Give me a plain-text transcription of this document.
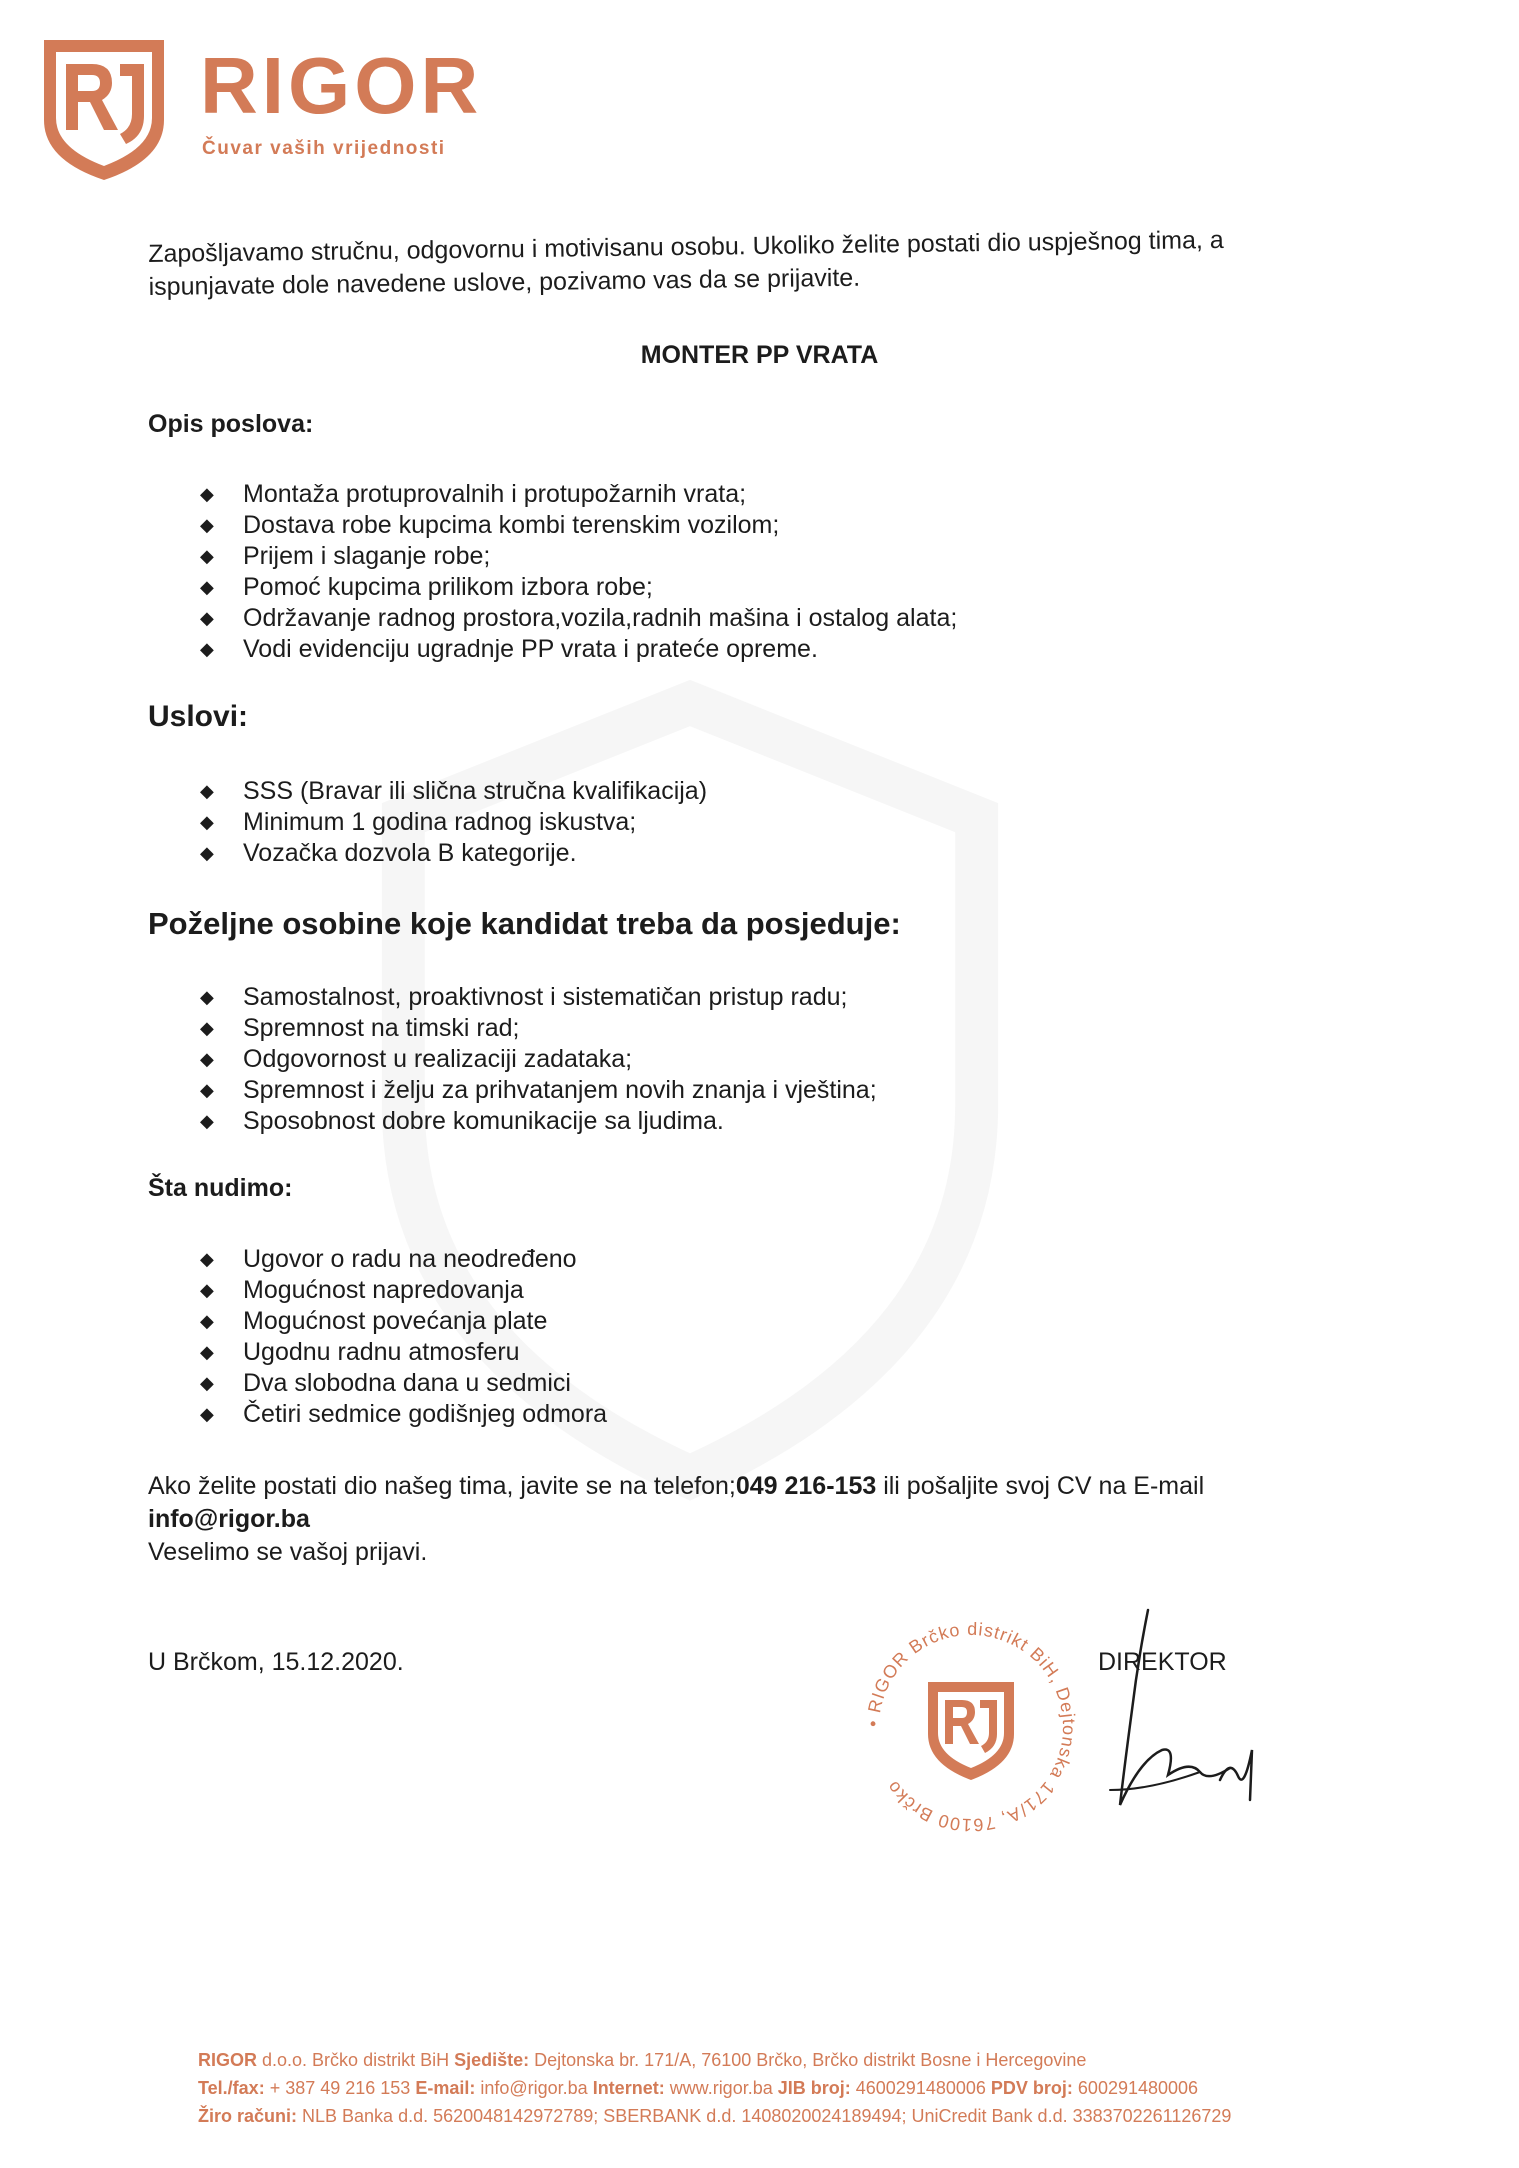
RIGOR
Čuvar vaših vrijednosti
Zapošljavamo stručnu, odgovornu i motivisanu osobu. Ukoliko želite postati dio uspješnog tima, a
ispunjavate dole navedene uslove, pozivamo vas da se prijavite.
MONTER PP VRATA
Opis poslova:
◆ Montaža protuprovalnih i protupožarnih vrata;
◆ Dostava robe kupcima kombi terenskim vozilom;
◆ Prijem i slaganje robe;
◆ Pomoć kupcima prilikom izbora robe;
◆ Održavanje radnog prostora,vozila,radnih mašina i ostalog alata;
◆ Vodi evidenciju ugradnje PP vrata i prateće opreme.
Uslovi:
◆ SSS (Bravar ili slična stručna kvalifikacija)
◆ Minimum 1 godina radnog iskustva;
◆ Vozačka dozvola B kategorije.
Poželjne osobine koje kandidat treba da posjeduje:
◆ Samostalnost, proaktivnost i sistematičan pristup radu;
◆ Spremnost na timski rad;
◆ Odgovornost u realizaciji zadataka;
◆ Spremnost i želju za prihvatanjem novih znanja i vještina;
◆ Sposobnost dobre komunikacije sa ljudima.
Šta nudimo:
◆ Ugovor o radu na neodređeno
◆ Mogućnost napredovanja
◆ Mogućnost povećanja plate
◆ Ugodnu radnu atmosferu
◆ Dva slobodna dana u sedmici
◆ Četiri sedmice godišnjeg odmora
Ako želite postati dio našeg tima, javite se na telefon;049 216-153 ili pošaljite svoj CV na E-mail
info@rigor.ba
Veselimo se vašoj prijavi.
U Brčkom, 15.12.2020.
• RIGOR Brčko distrikt BiH, Dejtonska 171/A, 76100 Brčko
DIREKTOR
RIGOR d.o.o. Brčko distrikt BiH Sjedište: Dejtonska br. 171/A, 76100 Brčko, Brčko distrikt Bosne i Hercegovine
Tel./fax: + 387 49 216 153 E-mail: info@rigor.ba Internet: www.rigor.ba JIB broj: 4600291480006 PDV broj: 600291480006
Žiro računi: NLB Banka d.d. 5620048142972789; SBERBANK d.d. 1408020024189494; UniCredit Bank d.d. 3383702261126729
